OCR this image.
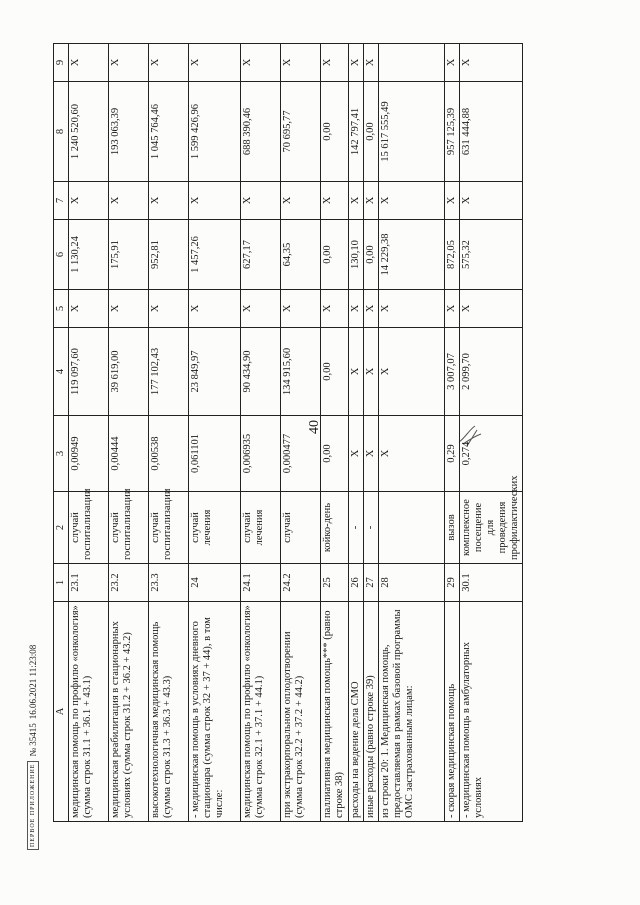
40
ПЕРВОЕ ПРИЛОЖЕНИЕ
№ 35415
16.06.2021 11:23:08 А	1	2	3	4	5	6	7	8	9
медицинская помощь по профилю «онкология» (сумма строк 31.1 + 36.1 + 43.1)	23.1	случай госпитализации	0,00949	119 097,60	X	1 130,24	X	1 240 520,60	X
медицинская реабилитация в стационарных условиях (сумма строк 31.2 + 36.2 + 43.2)	23.2	случай госпитализации	0,00444	39 619,00	X	175,91	X	193 063,39	X
высокотехнологичная медицинская помощь (сумма строк 31.3 + 36.3 + 43.3)	23.3	случай госпитализации	0,00538	177 102,43	X	952,81	X	1 045 764,46	X
- медицинская помощь в условиях дневного стационара (сумма строк 32 + 37 + 44), в том числе:	24	случай лечения	0,061101	23 849,97	X	1 457,26	X	1 599 426,96	X
медицинская помощь по профилю «онкология» (сумма строк 32.1 + 37.1 + 44.1)	24.1	случай лечения	0,006935	90 434,90	X	627,17	X	688 390,46	X
при экстракорпоральном оплодотворении (сумма строк 32.2 + 37.2 + 44.2)	24.2	случай	0,000477	134 915,60	X	64,35	X	70 695,77	X
паллиативная медицинская помощь*** (равно строке 38)	25	койко-день	0,00	0,00	X	0,00	X	0,00	X
расходы на ведение дела СМО	26	-	X	X	X	130,10	X	142 797,41	X
иные расходы (равно строке 39)	27	-	X	X	X	0,00	X	0,00	X
из строки 20: 1. Медицинская помощь, предоставляемая в рамках базовой программы ОМС застрахованным лицам:	28		X	X	X	14 229,38	X	15 617 555,49	
- скорая медицинская помощь	29	вызов	0,29	3 007,07	X	872,05	X	957 125,39	X
- медицинская помощь в амбулаторных условиях	30.1	комплексное посещение для проведения профилактических	0,274	2 099,70	X	575,32	X	631 444,88	X
